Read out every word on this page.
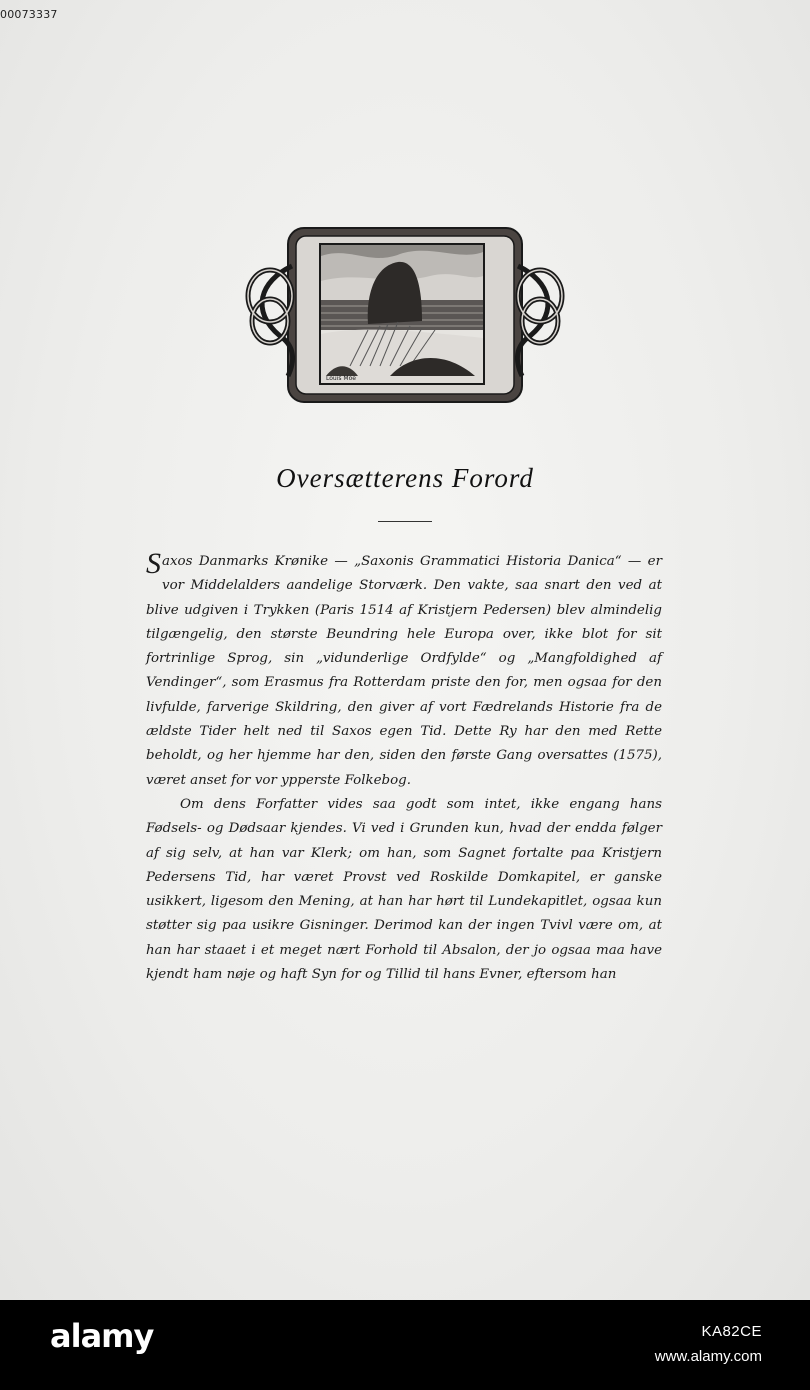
00073337
Louis Moe
Oversætterens Forord

Saxos Danmarks Krønike — „Saxonis Grammatici Historia Danica“ — er vor Middelalders aandelige Storværk. Den vakte, saa snart den ved at blive udgiven i Trykken (Paris 1514 af Kristjern Pedersen) blev almindelig tilgængelig, den største Beundring hele Europa over, ikke blot for sit fortrinlige Sprog, sin „vidunderlige Ordfylde“ og „Mangfoldighed af Vendinger“, som Erasmus fra Rotterdam priste den for, men ogsaa for den livfulde, farverige Skildring, den giver af vort Fædrelands Historie fra de ældste Tider helt ned til Saxos egen Tid. Dette Ry har den med Rette beholdt, og her hjemme har den, siden den første Gang oversattes (1575), været anset for vor ypperste Folkebog.

Om dens Forfatter vides saa godt som intet, ikke engang hans Fødsels- og Dødsaar kjendes. Vi ved i Grunden kun, hvad der endda følger af sig selv, at han var Klerk; om han, som Sagnet fortalte paa Kristjern Pedersens Tid, har været Provst ved Roskilde Domkapitel, er ganske usikkert, ligesom den Mening, at han har hørt til Lundekapitlet, ogsaa kun støtter sig paa usikre Gisninger. Derimod kan der ingen Tvivl være om, at han har staaet i et meget nært Forhold til Absalon, der jo ogsaa maa have kjendt ham nøje og haft Syn for og Tillid til hans Evner, eftersom han

alamy	KA82CE
www.alamy.com
